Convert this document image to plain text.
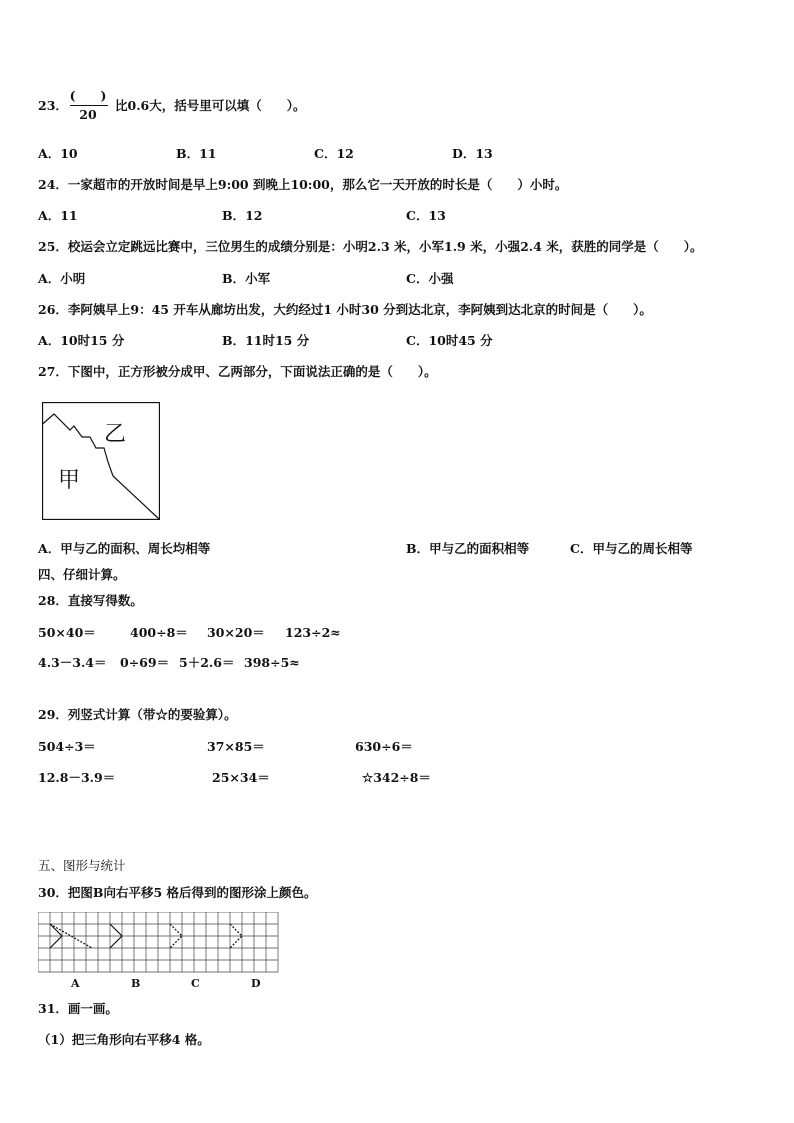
23．
(　　)
20
比0.6大，括号里可以填（　　）。
A．10	B．11	C．12	D．13
24．一家超市的开放时间是早上9:00 到晚上10:00，那么它一天开放的时长是（　　）小时。
A．11	B．12	C．13
25．校运会立定跳远比赛中，三位男生的成绩分别是：小明2.3 米，小军1.9 米，小强2.4 米，获胜的同学是（　　）。
A．小明	B．小军	C．小强
26．李阿姨早上9：45 开车从廊坊出发，大约经过1 小时30 分到达北京，李阿姨到达北京的时间是（　　）。
A．10时15 分	B．11时15 分	C．10时45 分
27．下图中，正方形被分成甲、乙两部分，下面说法正确的是（　　）。
乙
甲
A．甲与乙的面积、周长均相等	B．甲与乙的面积相等	C．甲与乙的周长相等
四、仔细计算。
28．直接写得数。
50×40＝	400÷8＝ 30×20＝ 123÷2≈
4.3－3.4＝ 0÷69＝ 5＋2.6＝ 398÷5≈
29．列竖式计算（带☆的要验算）。
504÷3＝	37×85＝	630÷6＝
12.8－3.9＝	25×34＝	☆342÷8＝
五、图形与统计
30．把图B向右平移5 格后得到的图形涂上颜色。
A	B	C	D
31．画一画。
（1）把三角形向右平移4 格。
